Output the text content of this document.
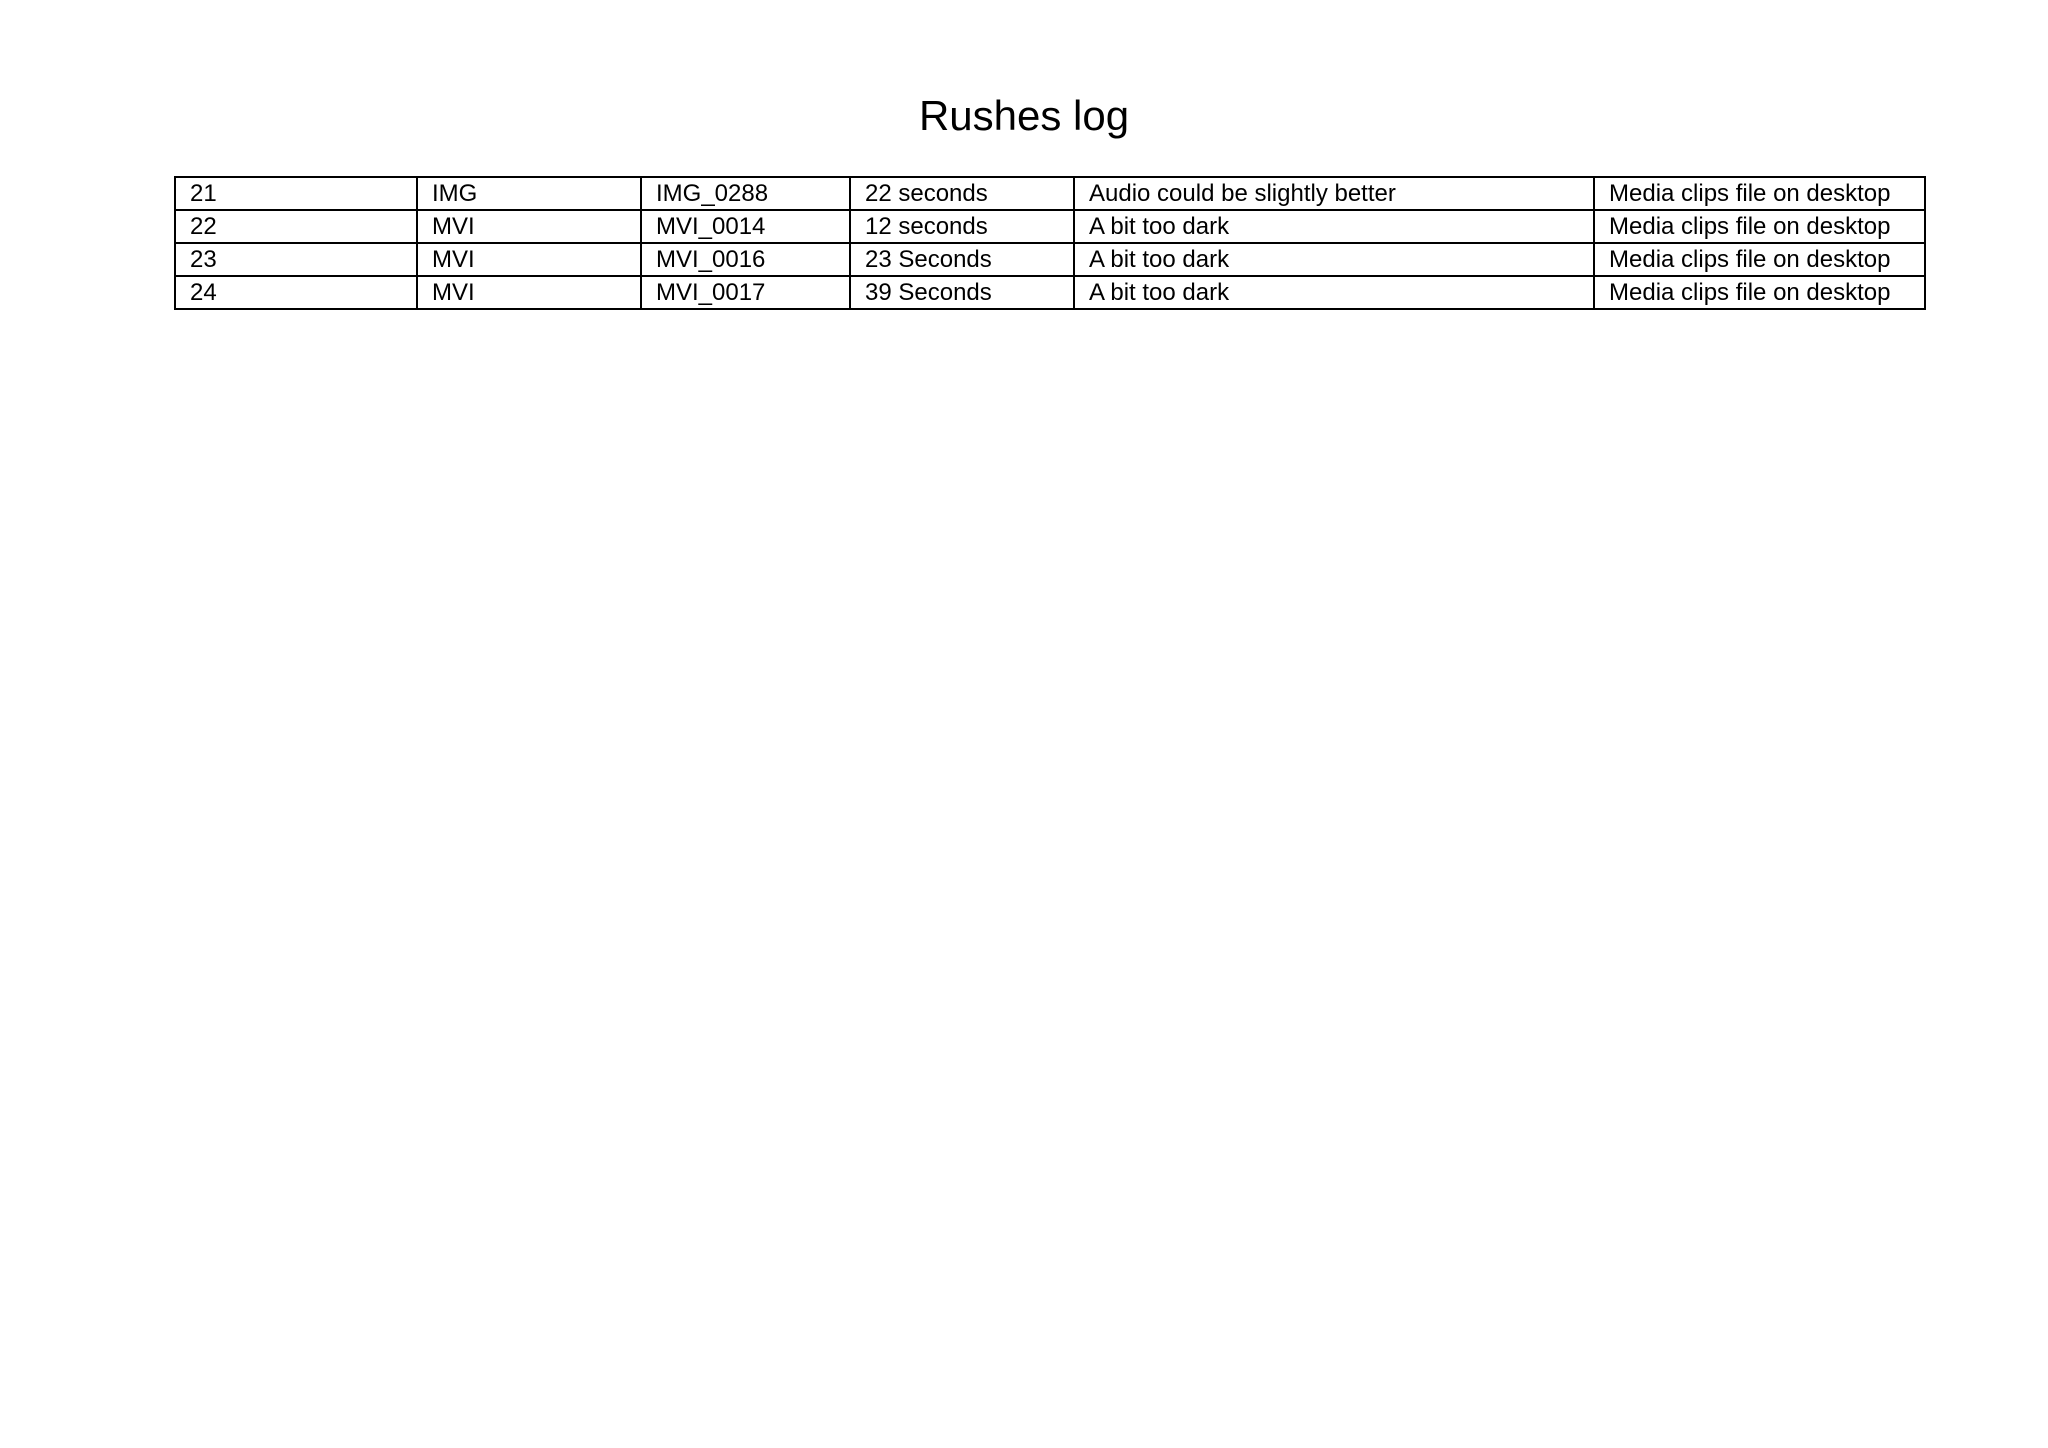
Rushes log
21	IMG	IMG_0288	22 seconds	Audio could be slightly better	Media clips file on desktop
22	MVI	MVI_0014	12 seconds	A bit too dark	Media clips file on desktop
23	MVI	MVI_0016	23 Seconds	A bit too dark	Media clips file on desktop
24	MVI	MVI_0017	39 Seconds	A bit too dark	Media clips file on desktop
